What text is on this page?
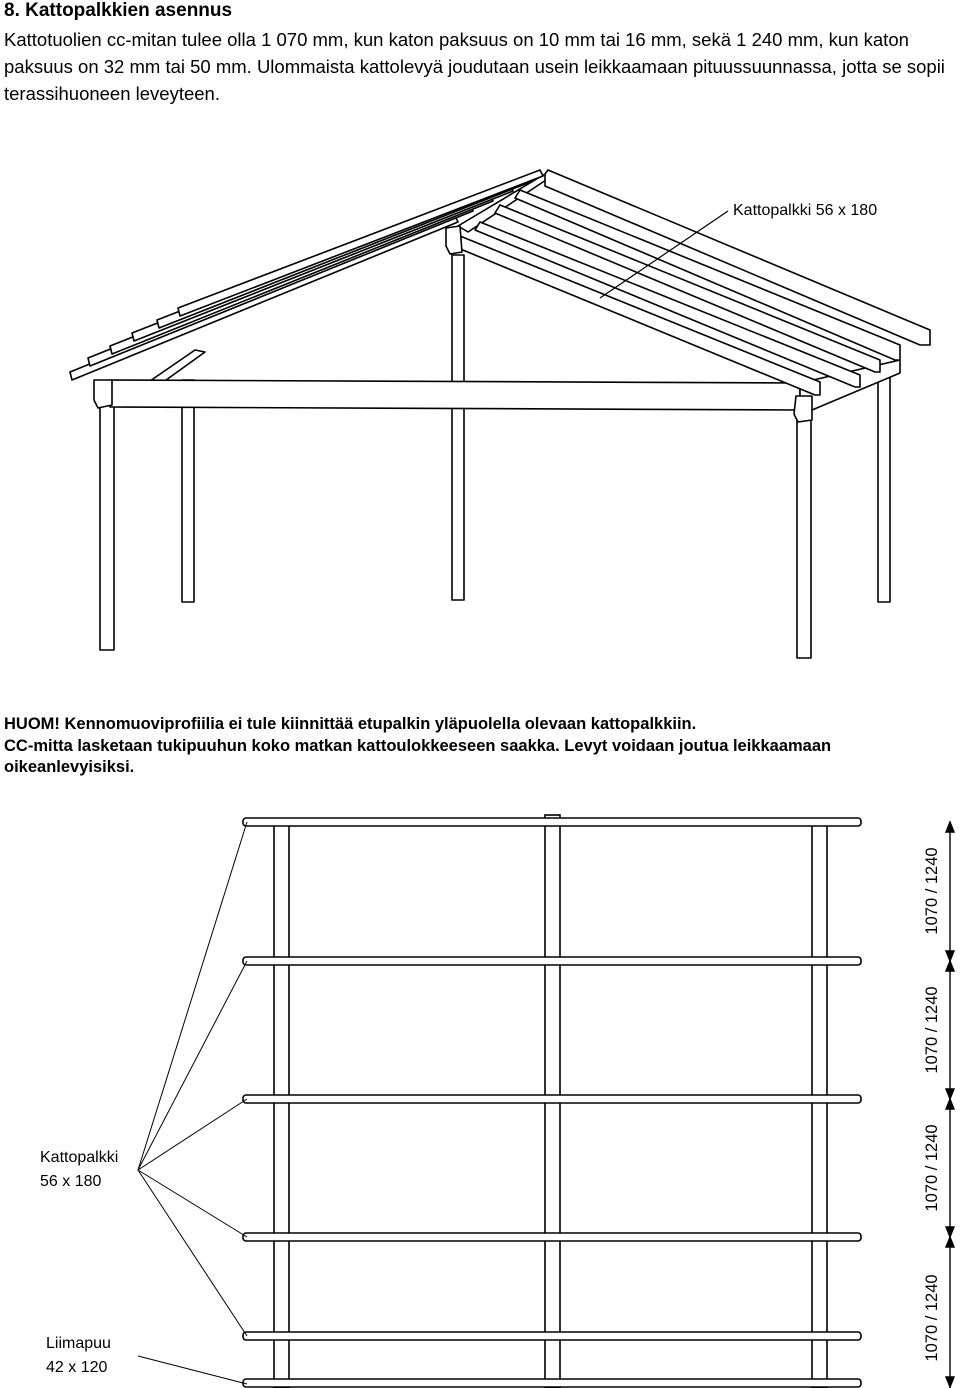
8. Kattopalkkien asennus
Kattotuolien cc-mitan tulee olla 1 070 mm, kun katon paksuus on 10 mm tai 16 mm, sekä 1 240 mm, kun katon paksuus on 32 mm tai 50 mm. Ulommaista kattolevyä joudutaan usein leikkaamaan pituussuunnassa, jotta se sopii terassihuoneen leveyteen.
Kattopalkki 56 x 180
HUOM! Kennomuoviprofiilia ei tule kiinnittää etupalkin yläpuolella olevaan kattopalkkiin.
CC-mitta lasketaan tukipuuhun koko matkan kattoulokkeeseen saakka. Levyt voidaan joutua leikkaamaan oikeanlevyisiksi.
Kattopalkki
56 x 180
Liimapuu
42 x 120
1070 / 1240
1070 / 1240
1070 / 1240
1070 / 1240
